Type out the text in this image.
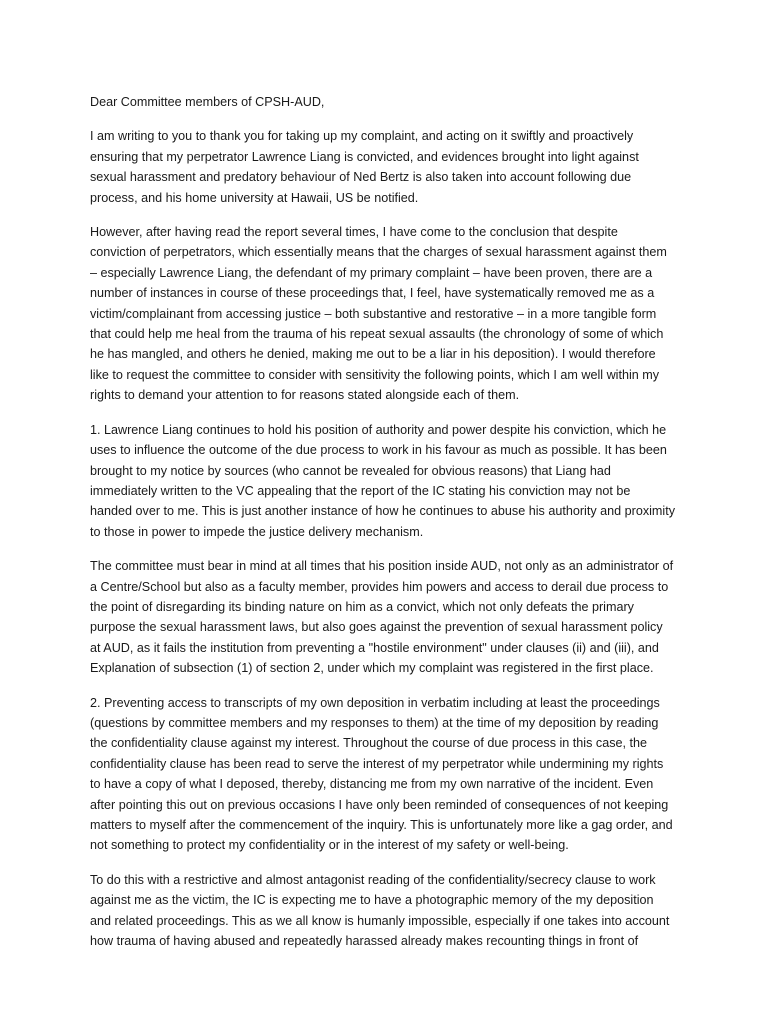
Dear Committee members of CPSH-AUD,

I am writing to you to thank you for taking up my complaint, and acting on it swiftly and proactively ensuring that my perpetrator Lawrence Liang is convicted, and evidences brought into light against sexual harassment and predatory behaviour of Ned Bertz is also taken into account following due process, and his home university at Hawaii, US be notified.

However, after having read the report several times, I have come to the conclusion that despite conviction of perpetrators, which essentially means that the charges of sexual harassment against them – especially Lawrence Liang, the defendant of my primary complaint – have been proven, there are a number of instances in course of these proceedings that, I feel, have systematically removed me as a victim/complainant from accessing justice – both substantive and restorative – in a more tangible form that could help me heal from the trauma of his repeat sexual assaults (the chronology of some of which he has mangled, and others he denied, making me out to be a liar in his deposition). I would therefore like to request the committee to consider with sensitivity the following points, which I am well within my rights to demand your attention to for reasons stated alongside each of them.

1. Lawrence Liang continues to hold his position of authority and power despite his conviction, which he uses to influence the outcome of the due process to work in his favour as much as possible. It has been brought to my notice by sources (who cannot be revealed for obvious reasons) that Liang had immediately written to the VC appealing that the report of the IC stating his conviction may not be handed over to me. This is just another instance of how he continues to abuse his authority and proximity to those in power to impede the justice delivery mechanism.

The committee must bear in mind at all times that his position inside AUD, not only as an administrator of a Centre/School but also as a faculty member, provides him powers and access to derail due process to the point of disregarding its binding nature on him as a convict, which not only defeats the primary purpose the sexual harassment laws, but also goes against the prevention of sexual harassment policy at AUD, as it fails the institution from preventing a "hostile environment" under clauses (ii) and (iii), and Explanation of subsection (1) of section 2, under which my complaint was registered in the first place.

2. Preventing access to transcripts of my own deposition in verbatim including at least the proceedings (questions by committee members and my responses to them) at the time of my deposition by reading the confidentiality clause against my interest. Throughout the course of due process in this case, the confidentiality clause has been read to serve the interest of my perpetrator while undermining my rights to have a copy of what I deposed, thereby, distancing me from my own narrative of the incident. Even after pointing this out on previous occasions I have only been reminded of consequences of not keeping matters to myself after the commencement of the inquiry. This is unfortunately more like a gag order, and not something to protect my confidentiality or in the interest of my safety or well-being.

To do this with a restrictive and almost antagonist reading of the confidentiality/secrecy clause to work against me as the victim, the IC is expecting me to have a photographic memory of the my deposition and related proceedings. This as we all know is humanly impossible, especially if one takes into account how trauma of having abused and repeatedly harassed already makes recounting things in front of
